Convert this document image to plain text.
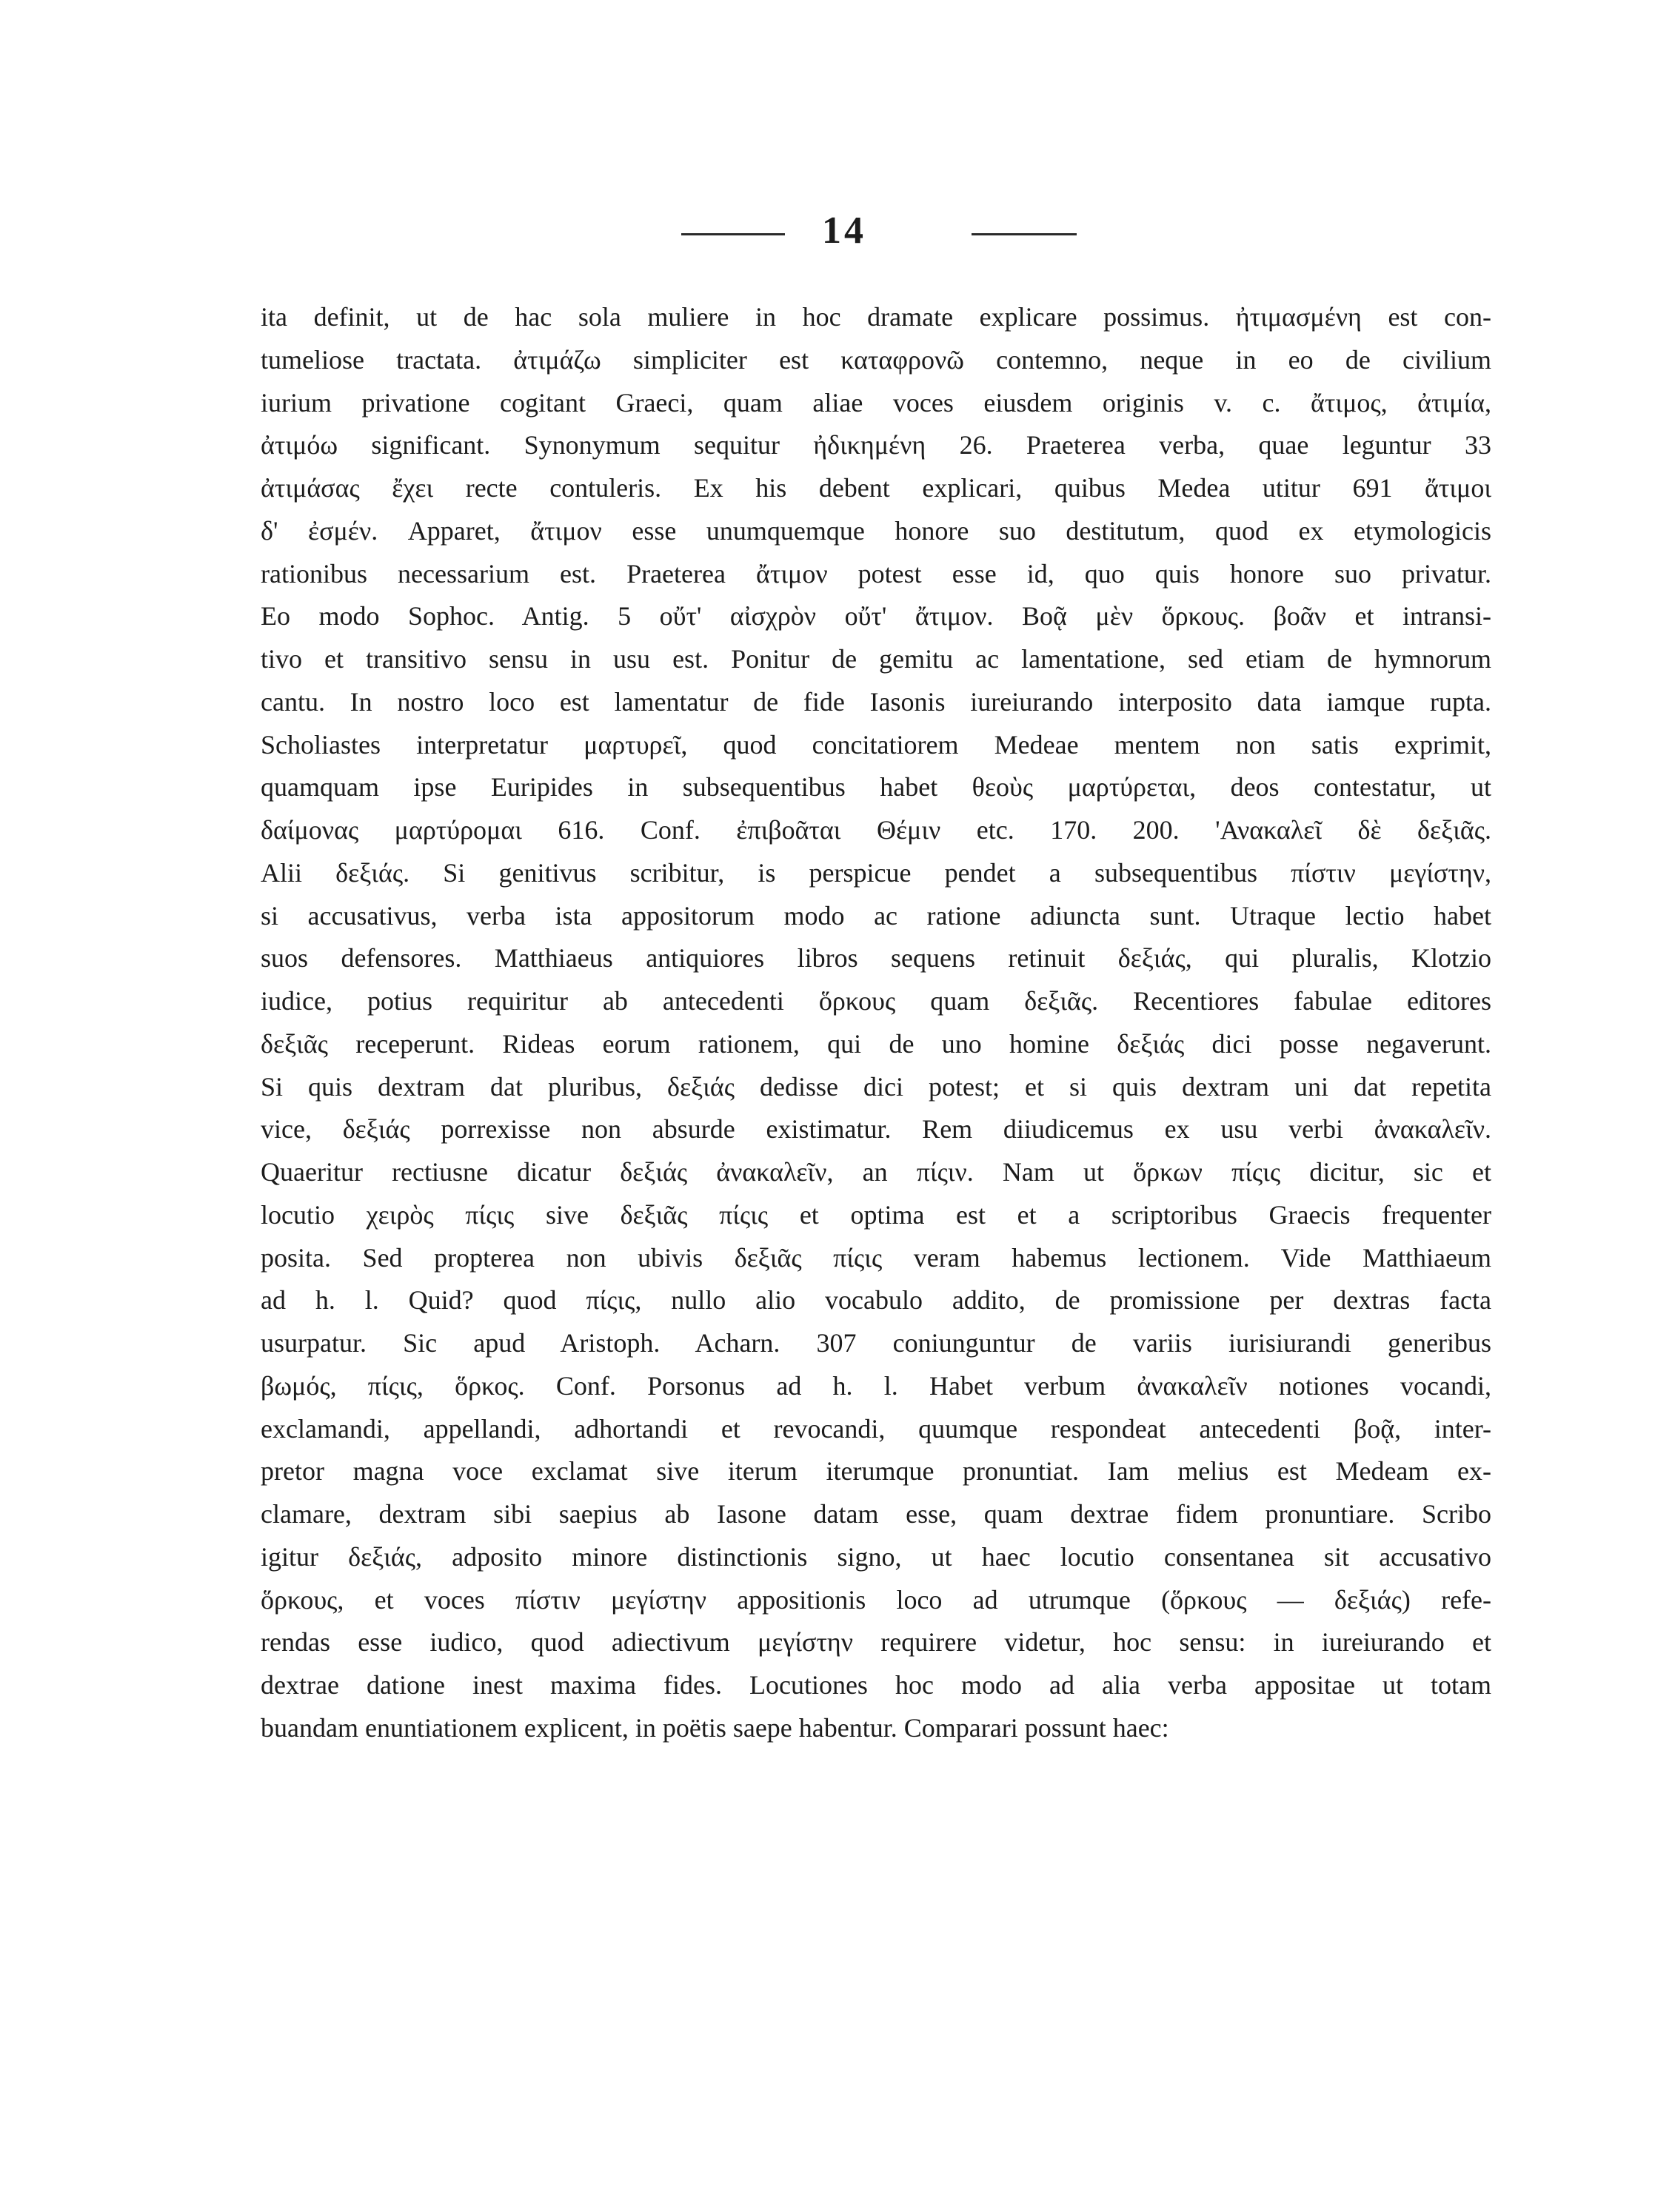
14
ita definit, ut de hac sola muliere in hoc dramate explicare possimus. ἠτιμασμένη est con-
tumeliose tractata. ἀτιμάζω simpliciter est καταφρονῶ contemno, neque in eo de civilium
iurium privatione cogitant Graeci, quam aliae voces eiusdem originis v. c. ἄτιμος, ἀτιμία,
ἀτιμόω significant. Synonymum sequitur ἠδικημένη 26. Praeterea verba, quae leguntur 33
ἀτιμάσας ἔχει recte contuleris. Ex his debent explicari, quibus Medea utitur 691 ἄτιμοι
δ' ἐσμέν. Apparet, ἄτιμον esse unumquemque honore suo destitutum, quod ex etymologicis
rationibus necessarium est. Praeterea ἄτιμον potest esse id, quo quis honore suo privatur.
Eo modo Sophoc. Antig. 5 οὔτ' αἰσχρὸν οὔτ' ἄτιμον. Βοᾷ μὲν ὅρκους. βοᾶν et intransi-
tivo et transitivo sensu in usu est. Ponitur de gemitu ac lamentatione, sed etiam de hymnorum
cantu. In nostro loco est lamentatur de fide Iasonis iureiurando interposito data iamque rupta.
Scholiastes interpretatur μαρτυρεῖ, quod concitatiorem Medeae mentem non satis exprimit,
quamquam ipse Euripides in subsequentibus habet θεοὺς μαρτύρεται, deos contestatur, ut
δαίμονας μαρτύρομαι 616. Conf. ἐπιβοᾶται Θέμιν etc. 170. 200. 'Ανακαλεῖ δὲ δεξιᾶς.
Alii δεξιάς. Si genitivus scribitur, is perspicue pendet a subsequentibus πίστιν μεγίστην,
si accusativus, verba ista appositorum modo ac ratione adiuncta sunt. Utraque lectio habet
suos defensores. Matthiaeus antiquiores libros sequens retinuit δεξιάς, qui pluralis, Klotzio
iudice, potius requiritur ab antecedenti ὅρκους quam δεξιᾶς. Recentiores fabulae editores
δεξιᾶς receperunt. Rideas eorum rationem, qui de uno homine δεξιάς dici posse negaverunt.
Si quis dextram dat pluribus, δεξιάς dedisse dici potest; et si quis dextram uni dat repetita
vice, δεξιάς porrexisse non absurde existimatur. Rem diiudicemus ex usu verbi ἀνακαλεῖν.
Quaeritur rectiusne dicatur δεξιάς ἀνακαλεῖν, an πίςιν. Nam ut ὅρκων πίςις dicitur, sic et
locutio χειρὸς πίςις sive δεξιᾶς πίςις et optima est et a scriptoribus Graecis frequenter
posita. Sed propterea non ubivis δεξιᾶς πίςις veram habemus lectionem. Vide Matthiaeum
ad h. l. Quid? quod πίςις, nullo alio vocabulo addito, de promissione per dextras facta
usurpatur. Sic apud Aristoph. Acharn. 307 coniunguntur de variis iurisiurandi generibus
βωμός, πίςις, ὅρκος. Conf. Porsonus ad h. l. Habet verbum ἀνακαλεῖν notiones vocandi,
exclamandi, appellandi, adhortandi et revocandi, quumque respondeat antecedenti βοᾷ, inter-
pretor magna voce exclamat sive iterum iterumque pronuntiat. Iam melius est Medeam ex-
clamare, dextram sibi saepius ab Iasone datam esse, quam dextrae fidem pronuntiare. Scribo
igitur δεξιάς, adposito minore distinctionis signo, ut haec locutio consentanea sit accusativo
ὅρκους, et voces πίστιν μεγίστην appositionis loco ad utrumque (ὅρκους — δεξιάς) refe-
rendas esse iudico, quod adiectivum μεγίστην requirere videtur, hoc sensu: in iureiurando et
dextrae datione inest maxima fides. Locutiones hoc modo ad alia verba appositae ut totam
buandam enuntiationem explicent, in poëtis saepe habentur. Comparari possunt haec:
